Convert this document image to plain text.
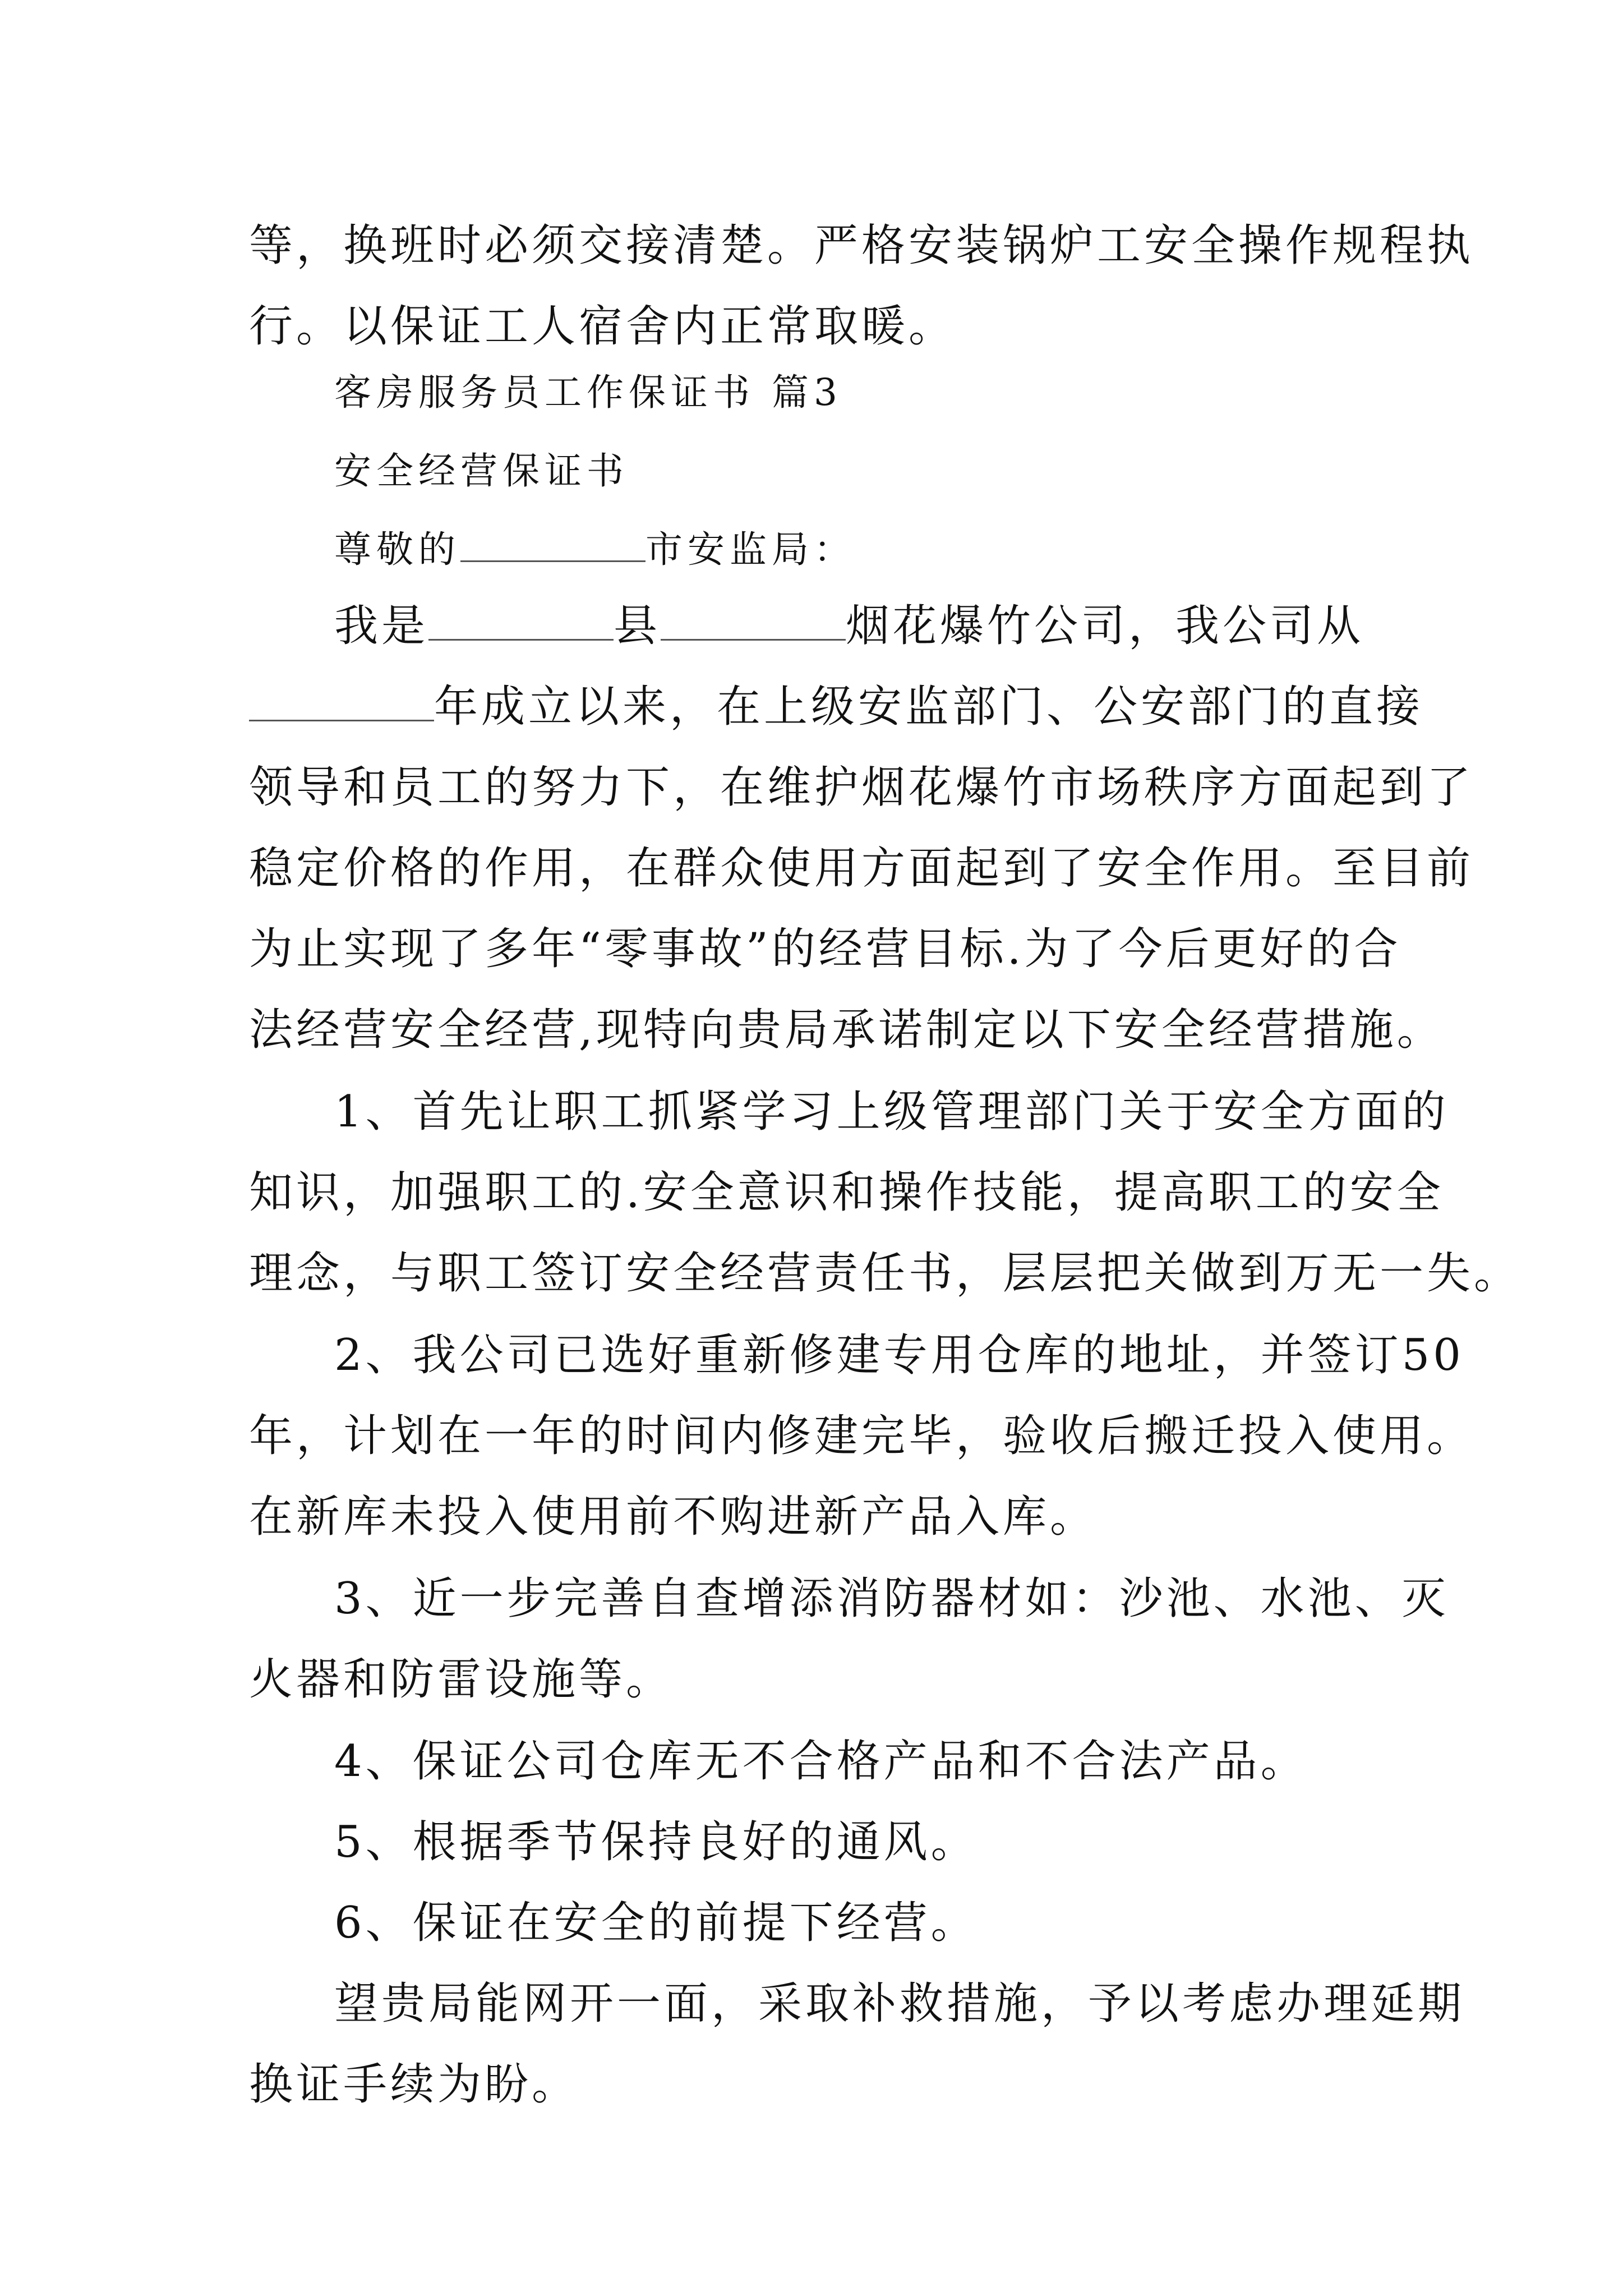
等，换班时必须交接清楚。严格安装锅炉工安全操作规程执
行。以保证工人宿舍内正常取暖。
客房服务员工作保证书 篇3
安全经营保证书
尊敬的	市安监局：
我是	县	烟花爆竹公司，我公司从
年成立以来，在上级安监部门、公安部门的直接
领导和员工的努力下，在维护烟花爆竹市场秩序方面起到了
稳定价格的作用，在群众使用方面起到了安全作用。至目前
为止实现了多年“零事故”的经营目标.为了今后更好的合
法经营安全经营,现特向贵局承诺制定以下安全经营措施。
1、首先让职工抓紧学习上级管理部门关于安全方面的
知识，加强职工的.安全意识和操作技能，提高职工的安全
理念，与职工签订安全经营责任书，层层把关做到万无一失。
2、我公司已选好重新修建专用仓库的地址，并签订50
年，计划在一年的时间内修建完毕，验收后搬迁投入使用。
在新库未投入使用前不购进新产品入库。
3、近一步完善自查增添消防器材如：沙池、水池、灭
火器和防雷设施等。
4、保证公司仓库无不合格产品和不合法产品。
5、根据季节保持良好的通风。
6、保证在安全的前提下经营。
望贵局能网开一面，采取补救措施，予以考虑办理延期
换证手续为盼。
